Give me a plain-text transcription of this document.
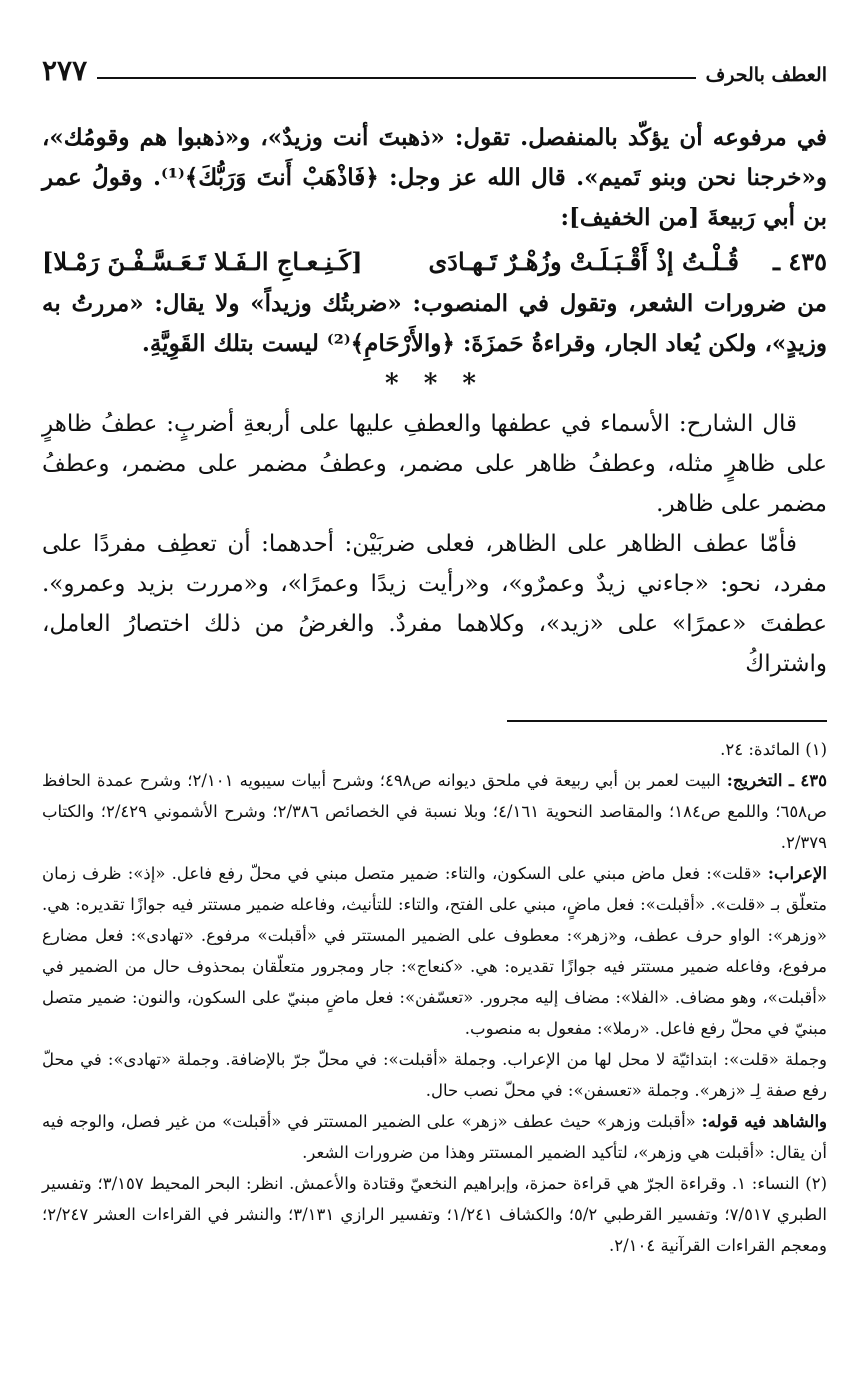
العطف بالحرف
٢٧٧

في مرفوعه أن يؤكّد بالمنفصل. تقول: «ذهبتَ أنت وزيدٌ»، و«ذهبوا هم وقومُك»، و«خرجنا نحن وبنو تَميم». قال الله عز وجل: ﴿فَاذْهَبْ أَنتَ وَرَبُّكَ﴾⁽¹⁾. وقولُ عمر بن أبي رَبيعةَ [من الخفيف]:

٤٣٥ ـ
قُـلْـتُ إذْ أَقْـبَـلَـتْ وزُهْـرٌ تَـهـادَى
[كَـنِـعـاجِ الـفَـلا تَـعَـسَّـفْـنَ رَمْـلا]

من ضرورات الشعر، وتقول في المنصوب: «ضربتُك وزيداً» ولا يقال: «مررتُ به وزيدٍ»، ولكن يُعاد الجار، وقراءةُ حَمزَةَ: ﴿والأَرْحَامِ﴾⁽²⁾ ليست بتلك القَوِيَّةِ.

* * *

قال الشارح: الأسماء في عطفها والعطفِ عليها على أربعةِ أضربٍ: عطفُ ظاهرٍ على ظاهرٍ مثله، وعطفُ ظاهر على مضمر، وعطفُ مضمر على مضمر، وعطفُ مضمر على ظاهر.

فأمّا عطف الظاهر على الظاهر، فعلى ضربَيْن: أحدهما: أن تعطِف مفردًا على مفرد، نحو: «جاءني زيدٌ وعمرٌو»، و«رأيت زيدًا وعمرًا»، و«مررت بزيد وعمرو». عطفتَ «عمرًا» على «زيد»، وكلاهما مفردٌ. والغرضُ من ذلك اختصارُ العامل، واشتراكُ

(١) المائدة: ٢٤.

٤٣٥ ـ التخريج: البيت لعمر بن أبي ربيعة في ملحق ديوانه ص٤٩٨؛ وشرح أبيات سيبويه ٢/١٠١؛ وشرح عمدة الحافظ ص٦٥٨؛ واللمع ص١٨٤؛ والمقاصد النحوية ٤/١٦١؛ وبلا نسبة في الخصائص ٢/٣٨٦؛ وشرح الأشموني ٢/٤٢٩؛ والكتاب ٢/٣٧٩.

الإعراب: «قلت»: فعل ماض مبني على السكون، والتاء: ضمير متصل مبني في محلّ رفع فاعل. «إذ»: ظرف زمان متعلّق بـ «قلت». «أقبلت»: فعل ماضٍ، مبني على الفتح، والتاء: للتأنيث، وفاعله ضمير مستتر فيه جوازًا تقديره: هي. «وزهر»: الواو حرف عطف، و«زهر»: معطوف على الضمير المستتر في «أقبلت» مرفوع. «تهادى»: فعل مضارع مرفوع، وفاعله ضمير مستتر فيه جوازًا تقديره: هي. «كنعاج»: جار ومجرور متعلّقان بمحذوف حال من الضمير في «أقبلت»، وهو مضاف. «الفلا»: مضاف إليه مجرور. «تعسّفن»: فعل ماضٍ مبنيّ على السكون، والنون: ضمير متصل مبنيّ في محلّ رفع فاعل. «رملا»: مفعول به منصوب.

وجملة «قلت»: ابتدائيّة لا محل لها من الإعراب. وجملة «أقبلت»: في محلّ جرّ بالإضافة. وجملة «تهادى»: في محلّ رفع صفة لِـ «زهر». وجملة «تعسفن»: في محلّ نصب حال.

والشاهد فيه قوله: «أقبلت وزهر» حيث عطف «زهر» على الضمير المستتر في «أقبلت» من غير فصل، والوجه فيه أن يقال: «أقبلت هي وزهر»، لتأكيد الضمير المستتر وهذا من ضرورات الشعر.

(٢) النساء: ١. وقراءة الجرّ هي قراءة حمزة، وإبراهيم النخعيّ وقتادة والأعمش. انظر: البحر المحيط ٣/١٥٧؛ وتفسير الطبري ٧/٥١٧؛ وتفسير القرطبي ٥/٢؛ والكشاف ١/٢٤١؛ وتفسير الرازي ٣/١٣١؛ والنشر في القراءات العشر ٢/٢٤٧؛ ومعجم القراءات القرآنية ٢/١٠٤.
